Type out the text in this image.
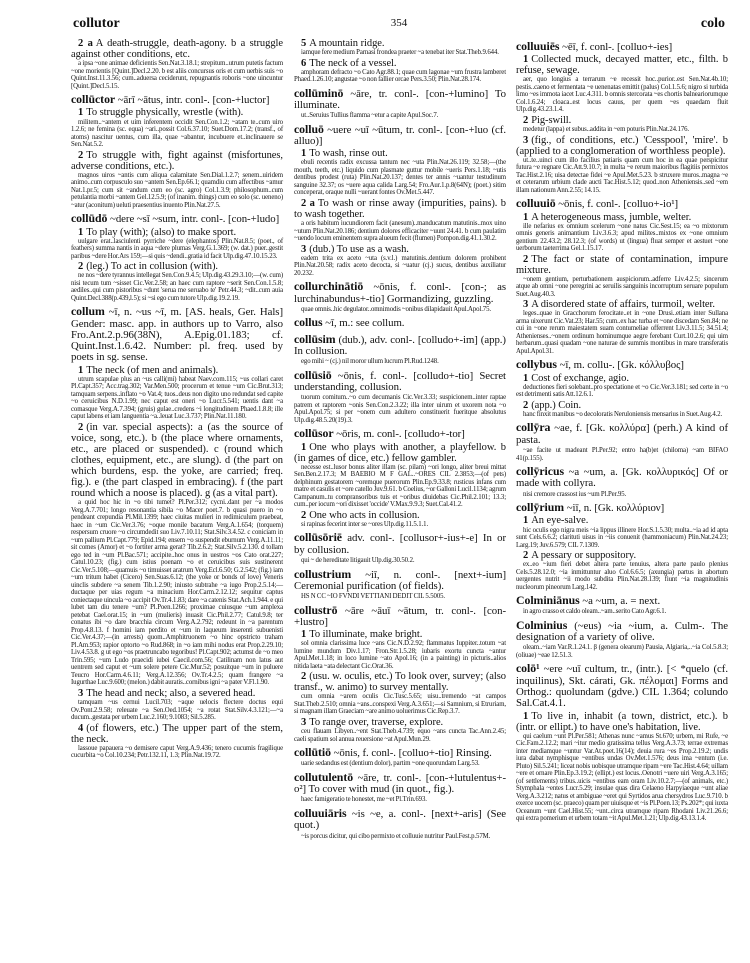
collutor	354	colo
2 a A death-struggle, death-agony. b a struggle against other conditions, etc.
a ipsa ~one animae deficientis Sen.Nat.3.18.1; strepitum..utrum putetis factum ~one morientis [Quint.]Decl.2.20. b est aliis concursus oris et cum uerbis suis ~o Quint.Inst.11.3.56; cum..aduersa ceciderunt, repugnantis roboris ~one uincuntur [Quint.]Decl.5.15.
collūctor ~ārī ~ātus, intr. conl-. [con-+luctor]
1 To struggle physically, wrestle (with).
militem..~antem et uim inferentem occidit Sen.Con.1.2; ~atam te..cum uiro 1.2.6; ne femina (sc. equa) ~ari..possit Col.6.37.10; Suet.Dom.17.2; (transf., of atoms) nascitur uentus, cum illa, quae ~abantur, incubuere et..inclinauere se Sen.Nat.5.2.
2 To struggle with, fight against (misfortunes, adverse conditions, etc.).
magnos uiros ~antis cum aliqua calamitate Sen.Dial.1.2.7; senem..uiridem animo..cum corpusculo suo ~antem Sen.Ep.66.1; quamdiu cum affectibus ~amur Nat.1.pr.5; cum sit ~andum cum eo (sc. agro) Col.1.3.9; philosophum..cum petulantia morbi ~antem Gel.12.5.9; (of inanim. things) cum eo solo (sc. ueneno) ~atur (aconitum) ueluti praesentius inuento Plin.Nat.27.5.
collūdō ~dere ~sī ~sum, intr. conl-. [con-+ludo]
1 To play (with); (also) to make sport.
uulgare erat..lasciulenti pyrriche ~dere (elephantos) Plin.Nat.8.5; (poet., of feathers) summa nantis in aqua ~dere plumas Verg.G.1.369; (w. dat.) puer..gestit paribus ~dere Hor.Ars 159;—si quis ~dendi..gratia id facit Ulp.dig.47.10.15.23.
2 (leg.) To act in collusion (with).
ne nos ~dere tyrannus intellegat Sen.Con.9.4.5; Ulp.dig.43.29.3.10;—(w. cum) nisi tecum tum ~sisset Cic.Ver.2.58; an haec cum raptore ~serit Sen.Con.1.5.8; aediles..qui cum pistoribus ~dunt 'serua me seruabo te' Petr.44.3; ~dit..cum auia Quint.Decl.388(p.439,l.5); si ~si ego cum tutore Ulp.dig.19.2.19.
collum ~ī, n. ~us ~ī, m. [AS. heals, Ger. Hals] Gender: masc. app. in authors up to Varro, also Fro.Ant.2.p.96(38N), A.Epig.01.183; cf. Quint.Inst.1.6.42. Number: pl. freq. used by poets in sg. sense.
1 The neck (of men and animals).
utrum scapulae plus an ~us calli(mi) habeat Naev.com.115; ~us collari caret Pl.Capt.357; Acc.trag.302; Var.Men.500; procerum et tenue ~um Cic.Brut.313; tamquam serpens..inflato ~o Vat.4; tuos..deus non digito uno redundat sed capite ~o ceruicibus N.D.1.99; nec caput est oneri ~o Lucr.5.541; uentis dant ~a comasque Verg.A.7.394; (gruis) gulae..credens ~i longitudinem Phaed.1.8.8; ille caput labens et iam languentia ~a..leuat Luc.3.737; Plin.Nat.11.180.
2 (in var. special aspects): a (as the source of voice, song, etc.). b (the place where ornaments, etc., are placed or suspended). c (round which clothes, equipment, etc., are slung). d (the part on which burdens, esp. the yoke, are carried; freq. fig.). e (the part clasped in embracing). f (the part round which a noose is placed). g (as a vital part).
a quid hoc hic in ~o tibi tumet? Pl.Per.312; cycni..dant per ~a modos Verg.A.7.701; longo resonantia sibila ~o Macer poet.7. b quasi puero in ~o pendeant crepundia Pl.Mil.1399; haec ciuitas mulieri in redimiculum praebeat, haec in ~um Cic.Ver.3.76; ~oque monile bacatum Verg.A.1.654; (torquem) respersum cruore ~o circumdedit suo Liv.7.10.11; Stat.Silv.3.4.52. c coniciam in ~um pallium Pl.Capt.779; Epid.194; ensem ~o suspendit eburnum Verg.A.11.11; sit comes (Amor) et ~o fortiter arma gerat? Tib.2.6.2; Stat.Silv.5.2.130. d tollam ego ted in ~um Pl.Bac.571; accipite..hoc onus in uestros ~os Cato orat.227; Catul.10.23; (fig.) cum istius poenam ~o et ceruicibus suis sustinerent Cic.Ver.5.108;—quamuis ~o timuisset aratrum Verg.Ecl.6.50; G.2.542; (fig.) iam ~um tritum habet (Cicero) Sen.Suas.6.12; (the yoke or bonds of love) Veneris uinclis subdere ~a senem Tib.1.2.90; iniusto subtrahe ~a iugo Prop.2.5.14;—ductaque per uias regum ~a minacium Hor.Carm.2.12.12; sequitur captus coniectaque uincula ~o accipit Ov.Tr.4.1.83; dare ~a catenis Stat.Ach.1.944. e qui lubet tam diu tenere ~um? Pl.Poen.1266; proximae cuiusque ~um amplexa petebat Cael.orat.15; in ~um (mulieris) inuasit Cic.Phil.2.77; Catul.9.8; ter conatus ibi ~o dare bracchia circum Verg.A.2.792; redeunt in ~a parentum Prop.4.8.13. f homini iam perdito et ~um in laqueum inserenti subuenisti Cic.Ver.4.37;—(in arrests) quom..Amphitruonem ~o hinc opstricto traham Pl.Am.953; rapior optorto ~o Rud.868; in ~o iam mihi nodus erat Prop.2.29.10; Liv.4.53.8. g ut ego ~os praetruncabo tegoribus! Pl.Capt.902; actumst de ~o meo Trin.595; ~um Ludo praecidi iubei Caecil.com.56; Catilinam non latus aut uentrem sed caput et ~um solere petere Cic.Mur.52; posuitque ~um in puluere Teucro Hor.Carm.4.6.11; Verg.A.12.356; Ov.Tr.4.2.5; quam frangere ~a Iugurthae Luc.9.600; (melon.) dabit auratis..cornibus igni ~a pater V.Fl.1.90.
3 The head and neck; also, a severed head.
tamquam ~us cernui Lucil.703; ~aque uelocis flectere doctus equi Ov.Pont.2.9.58; releuate ~a Sen.Oed.1054; ~a rotat Stat.Silv.4.3.121;—~a ducum..gestata per urbem Luc.2.160; 9.1083; Sil.5.285.
4 (of flowers, etc.) The upper part of the stem, the neck.
lassoue papauera ~o demisere caput Verg.A.9.436; tenero cucumis fragilique cucurbita ~o Col.10.234; Petr.132.11, 1.3; Plin.Nat.19.72.
5 A mountain ridge.
iamque fere medium Parnasi frondea praeter ~a tenebat iter Stat.Theb.9.644.
6 The neck of a vessel.
amphoram defracto ~o Cato Agr.88.1; quae cum lagonae ~um frustra lamberet Phaed.1.26.10; angustae ~o non fallier orcae Pers.3.50; Plin.Nat.28.174.
collūminō ~āre, tr. conl-. [con-+lumino] To illuminate.
ut..Seruius Tullius flamma ~etur a capite Apul.Soc.7.
colluō ~uere ~uī ~ūtum, tr. conl-. [con-+luo (cf. alluo)]
1 To wash, rinse out.
ebuli recentis radix excussa tantum nec ~uta Plin.Nat.26.119; 32.58;—(the mouth, teeth, etc.) liquido cum plasmate guttur mobile ~ueris Pers.1.18; ~utis dentibus prodest (ruta) Plin.Nat.20.137; dentes ter annis ~uantur testudinum sanguine 32.37; os ~uere aqua calida Larg.54; Fro.Aur.1.p.8(64N); (poet.) sitim conceperat, oraque nulli ~uerant fontes Ov.Met.5.447.
2 a To wash or rinse away (impurities, pains). b to wash together.
a oris habitum iucundiorem facit (anesum)..manducatum matutinis..mox uino ~utum Plin.Nat.20.186; dentium dolores efficaciter ~uunt 24.41. b cum paulatim ~uendo locum eminentem supra alueum fecit (flumen) Pompon.dig.41.1.30.2.
3 (dub.) To use as a wash.
eadem trita ex aceto ~uta (s.v.l.) matutinis..dentium dolorem prohibent Plin.Nat.20.58; radix aceto decocta, si ~uatur (cj.) sucus, dentibus auxiliatur 20.232.
collurchinātiō ~ōnis, f. conl-. [con-; as lurchinabundus+-tio] Gormandizing, guzzling.
quae omnis..hic degulator..omnimodis ~onibus dilapidauit Apul.Apol.75.
collus ~ī, m.: see collum.
collūsim (dub.), adv. conl-. [colludo+-im] (app.) In collusion.
ego mihi ~ (cj.) nil moror ullum lucrum Pl.Rud.1248.
collūsiō ~ōnis, f. conl-. [colludo+-tio] Secret understanding, collusion.
tuorum comitum..~o cum decumanis Cic.Ver.3.33; suspicionem..inter raptae patrem et raptorem ~onis Sen.Con.2.3.22; illa inter uirum et uxorem nota ~o Apul.Apol.75; si per ~onem cum adultero constituerit fueritque absolutus Ulp.dig.48.5.20(19).3.
collūsor ~ōris, m. conl-. [colludo+-tor]
1 One who plays with another, a playfellow. b (in games of dice, etc.) fellow gambler.
necesse est..lusor bonus aliter illam (sc. pilam) ~ori longo, aliter breui mittat Sen.Ben.2.17.3; M BAEBIO M F GAL..~ORES CIL 2.3853;—(of pets) delphinum gestatorem ~oremque puerorum Plin.Ep.9.33.8; rusticus infans cum matre et casulis et ~ore catello Juv.9.61. b Coelius, ~or Galloni Lucil.1134; agrum Campanum..tu compransoribus tuis et ~oribus diuidebas Cic.Phil.2.101; 13.3; cum..per iocum ~ori dixisset 'occide' V.Max.9.9.3; Suet.Cal.41.2.
2 One who acts in collusion.
si rapinas fecerint inter se ~ores Ulp.dig.11.5.1.1.
collūsōriē adv. conl-. [collusor+-ius+-e] In or by collusion.
qui ~ de hereditate litigauit Ulp.dig.30.50.2.
collustrium ~iī, n. conl-. [next+-ium] Ceremonial purification (of fields).
HS N CC ~IO FVNDI VETTIANI DEDIT CIL 5.5005.
collustrō ~āre ~āuī ~ātum, tr. conl-. [con-+lustro]
1 To illuminate, make bright.
sol omnia clarissima luce ~ans Cic.N.D.2.92; flammatus Iuppiter..totum ~at lumine mundum Div.1.17; Fron.Str.1.5.28; iubaris exortu cuncta ~antur Apul.Met.1.18; in loco lumine ~ato Apol.16; (in a painting) in picturis..alios nitida laeta ~ata delectant Cic.Orat.36.
2 (usu. w. oculis, etc.) To look over, survey; (also transf., w. animo) to survey mentally.
cum omnia ~arem oculis Cic.Tusc.5.65; uisu..tremendo ~at campos Stat.Theb.2.510; omnia ~ans..conspexi Verg.A.3.651;—si Samnium, si Etruriam, si magnam illam Graeciam ~are animo uoluerimus Cic.Rep.3.7.
3 To range over, traverse, explore.
ceu flauam Libyen..~ent Stat.Theb.4.739; equo ~ans cuncta Tac.Ann.2.45; caeli spatium sol annua reuersione ~at Apul.Mun.29.
collūtiō ~ōnis, f. conl-. [colluo+-tio] Rinsing.
uarie sedandus est (dentium dolor), partim ~one quorundam Larg.53.
collutulentō ~āre, tr. conl-. [con-+lutulentus+-o²] To cover with mud (in quot., fig.).
haec famigeratio te honestet, me ~et Pl.Trin.693.
colluuiāris ~is ~e, a. conl-. [next+-aris] (See quot.)
~is porcus dicitur, qui cibo permixto et colluuie nutritur Paul.Fest.p.57M.
colluuiēs ~ēī, f. conl-. [colluo+-ies]
1 Collected muck, decayed matter, etc., filth. b refuse, sewage.
aer, quo longius a terrarum ~e recessit hoc..purior..est Sen.Nat.4b.10; pestis..caeno et fermentata ~e uenenatas emittit (palus) Col.1.5.6; nigro si turbida limo ~es immota iacet Luc.4.311. b omnis stercorata ~es chortis balneariorumque Col.1.6.24; cloaca..est locus cauus, per quem ~es quaedam fluit Ulp.dig.43.23.1.4.
2 Pig-swill.
medetur (lappa) et subus..addita in ~em poturis Plin.Nat.24.176.
3 (fig., of conditions, etc.) 'Cesspool', 'mire'. b (applied to a conglomeration of worthless people).
ut..te..uinci cum illo facilius patiaris quam cum hoc in ea quae perspicitur futura ~e regnare Cic.Att.9.10.7; in multa ~e rerum maioribus flagitiis permixtos Tac.Hist.2.16; uisa detectae fidei ~e Apul.Met.5.23. b struxere muros..magna ~e et ceterarum urbium clade aucti Tac.Hist.5.12; quod..non Atheniensis..sed ~em illam nationum Ann.2.55; 14.15.
colluuiō ~ōnis, f. conl-. [colluo+-io¹]
1 A heterogeneous mass, jumble, welter.
ille nefarius ex omnium scelerum ~one natus Cic.Sest.15; ea ~o mixtorum omnis generis animantium Liv.3.6.3; apud milites..mixtos ex ~one omnium gentium 22.43.2; 28.12.3; (of words) ut (lingua) fluat semper et aestuet ~one uerborum taeterrima Gel.1.15.17.
2 The fact or state of contamination, impure mixture.
~onem gentium, perturbationem auspiciorum..adferre Liv.4.2.5; sincerum atque ab omni ~one peregrini ac seruilis sanguinis incorruptum seruare populum Suet.Aug.40.3.
3 A disordered state of affairs, turmoil, welter.
leges..quae in Gracchorum ferocitate..et in ~one Drusi..etiam inter Sullana arma uixerunt Cic.Vat.23; Har.55; cum..ex hac turba et ~one discedam Sen.84; ne cui in ~one rerum maiestatem suam contumeliae offerrent Liv.3.11.5; 34.51.4; Athenienses..~onem ordinum hominumque aegre ferebant Curt.10.2.6; qui uim herbarum..quasi quadam ~one naturae de summis montibus in mare transferatis Apul.Apol.31.
collybus ~ī, m. collu-. [Gk. κόλλυβος]
1 Cost of exchange, agio.
deductiones fieri solebant..pro spectatione et ~o Cic.Ver.3.181; sed certe in ~o est detrimenti satis Att.12.6.1.
2 (app.) Coin.
hanc finxit manibus ~o decoloratis Neruloniensis mensarius in Suet.Aug.4.2.
collȳra ~ae, f. [Gk. κολλύρα] (perh.) A kind of pasta.
~ae facite ut madeant Pl.Per.92; entro ha(b)et (chiloma) ~am BIFAO 41(p.155).
collȳricus ~a ~um, a. [Gk. κολλυρικός] Of or made with collyra.
nisi cremore crassost ius ~um Pl.Per.95.
collȳrium ~iī, n. [Gk. κολλύριον]
1 An eye-salve.
hic oculis ego nigra meis ~ia lippus illinere Hor.S.1.5.30; multa..~ia ad id apta sunt Cels.6.6.2; clarituti uisus in ~iis conuenit (hammoniacum) Plin.Nat.24.23; Larg.19; Juv.6.579; CIL 7.1309.
2 A pessary or suppository.
ex..eo ~ium fieri debet altera parte tenuius, altera parte paulo plenius Cels.5.28.12.0; ~ia inmittuntur aluo Col.6.6.5; (axungia) partus in abortum uergentes nutrit ~ii modo subdita Plin.Nat.28.139; fiunt ~ia magnitudinis nucleorum pineorum Larg.142.
Colminiānus ~a ~um, a. = next.
in agro crasso et caldo oleam..~am..serito Cato Agr.6.1.
Colminius (~eus) ~ia ~ium, a. Culm-. The designation of a variety of olive.
oleam..~iam Var.R.1.24.1. β (genera olearum) Pausia, Algiaria,..~ia Col.5.8.3; (oliuae) ~eae 12.51.3.
colō¹ ~ere ~uī cultum, tr., (intr.). [< *quelo (cf. inquilinus), Skt. cárati, Gk. πέλομαι] Forms and Orthog.: quolundam (gdve.) CIL 1.364; colundo Sal.Cat.4.1.
1 To live in, inhabit (a town, district, etc.). b (intr. or ellipt.) to have one's habitation, live.
qui caelum ~unt Pl.Per.581; Athenas nunc ~amus St.670; urbem, mi Rufe, ~e Cic.Fam.2.12.2; mari ~itur medio gratissima tellus Verg.A.3.73; terrae extremas inter mediamque ~untur Var.At.poet.16(14); deuia rura ~es Prop.2.19.2; undis iura dabat nymphisque ~entibus undas Ov.Met.1.576; deus ima ~entum (i.e. Pluto) Sil.5.241; liceat nobis uobisque utramque ripam ~ere Tac.Hist.4.64; uillam ~ere et ornare Plin.Ep.3.19.2; (ellipt.) est locus..Oenotri ~uere uiri Verg.A.3.165; (of settlements) tribus..uicis ~entibus eam oram Liv.10.2.7;—(of animals, etc.) Stymphala ~entes Lucr.5.29; insulae quas dira Celaeno Harpyiaeque ~unt aliae Verg.A.3.212; natus et ambiguae ~eret qui Syrtidos arua chersydros Luc.9.710. b exerce uocem (sc. praeco) quam per uiuisque et ~is Pl.Poen.13; Ps.202*; qui iuxta Oceanum ~unt Cael.Hist.55; ~unt..circa utramque ripam Rhodani Liv.21.26.6; qui extra pomerium et urbem totam ~it Apul.Met.1.21; Ulp.dig.43.13.1.4.
